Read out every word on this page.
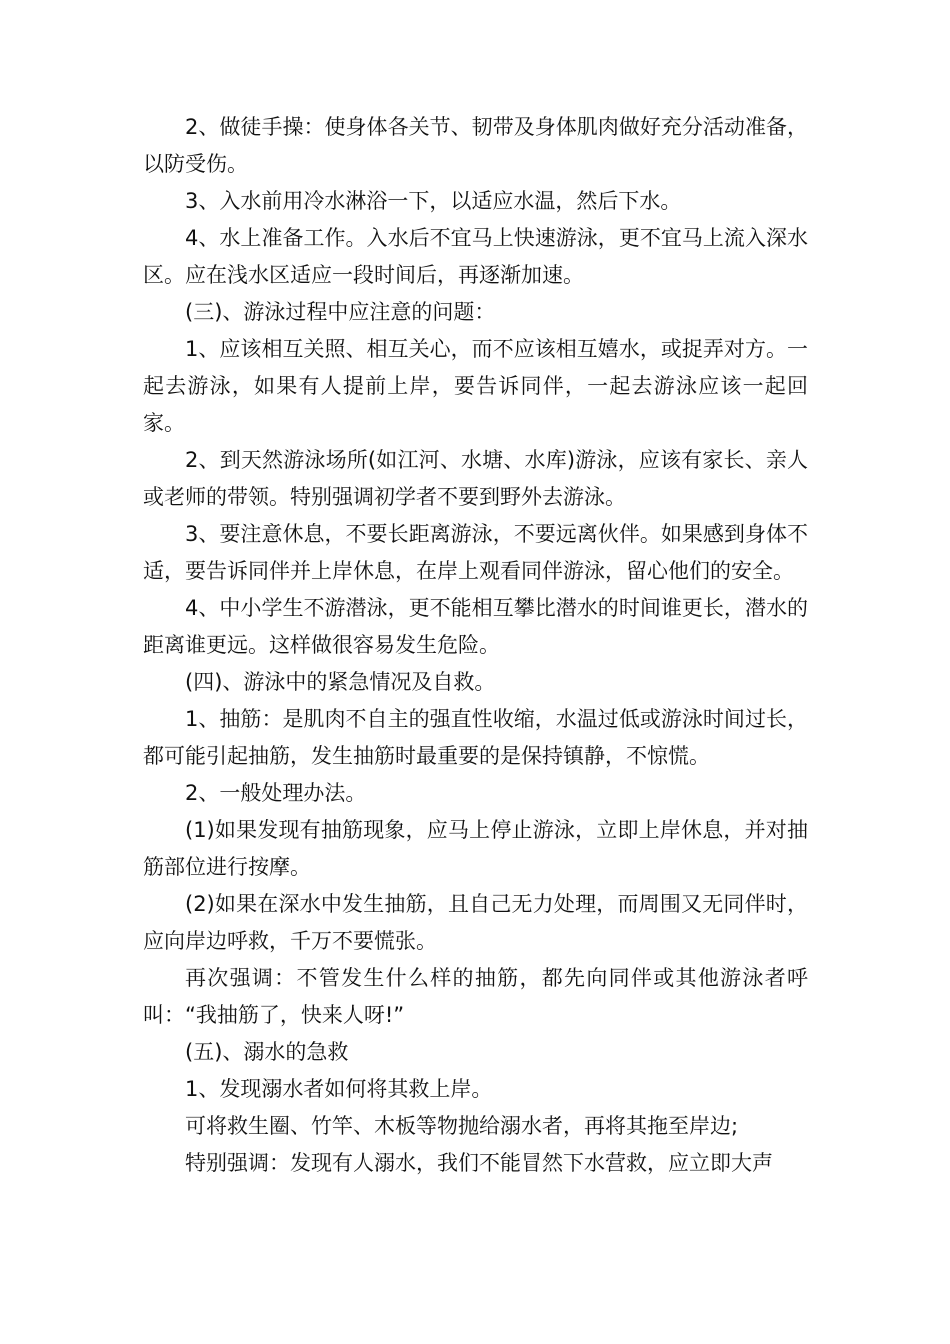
2、做徒手操：使身体各关节、韧带及身体肌肉做好充分活动准备，以防受伤。

3、入水前用冷水淋浴一下，以适应水温，然后下水。

4、水上准备工作。入水后不宜马上快速游泳，更不宜马上流入深水区。应在浅水区适应一段时间后，再逐渐加速。

(三)、游泳过程中应注意的问题：

1、应该相互关照、相互关心，而不应该相互嬉水，或捉弄对方。一起去游泳，如果有人提前上岸，要告诉同伴，一起去游泳应该一起回家。

2、到天然游泳场所(如江河、水塘、水库)游泳，应该有家长、亲人或老师的带领。特别强调初学者不要到野外去游泳。

3、要注意休息，不要长距离游泳，不要远离伙伴。如果感到身体不适，要告诉同伴并上岸休息，在岸上观看同伴游泳，留心他们的安全。

4、中小学生不游潜泳，更不能相互攀比潜水的时间谁更长，潜水的距离谁更远。这样做很容易发生危险。

(四)、游泳中的紧急情况及自救。

1、抽筋：是肌肉不自主的强直性收缩，水温过低或游泳时间过长，都可能引起抽筋，发生抽筋时最重要的是保持镇静，不惊慌。

2、一般处理办法。

(1)如果发现有抽筋现象，应马上停止游泳，立即上岸休息，并对抽筋部位进行按摩。

(2)如果在深水中发生抽筋，且自己无力处理，而周围又无同伴时，应向岸边呼救，千万不要慌张。

再次强调：不管发生什么样的抽筋，都先向同伴或其他游泳者呼叫：“我抽筋了，快来人呀!”

(五)、溺水的急救

1、发现溺水者如何将其救上岸。

可将救生圈、竹竿、木板等物抛给溺水者，再将其拖至岸边;

特别强调：发现有人溺水，我们不能冒然下水营救，应立即大声
